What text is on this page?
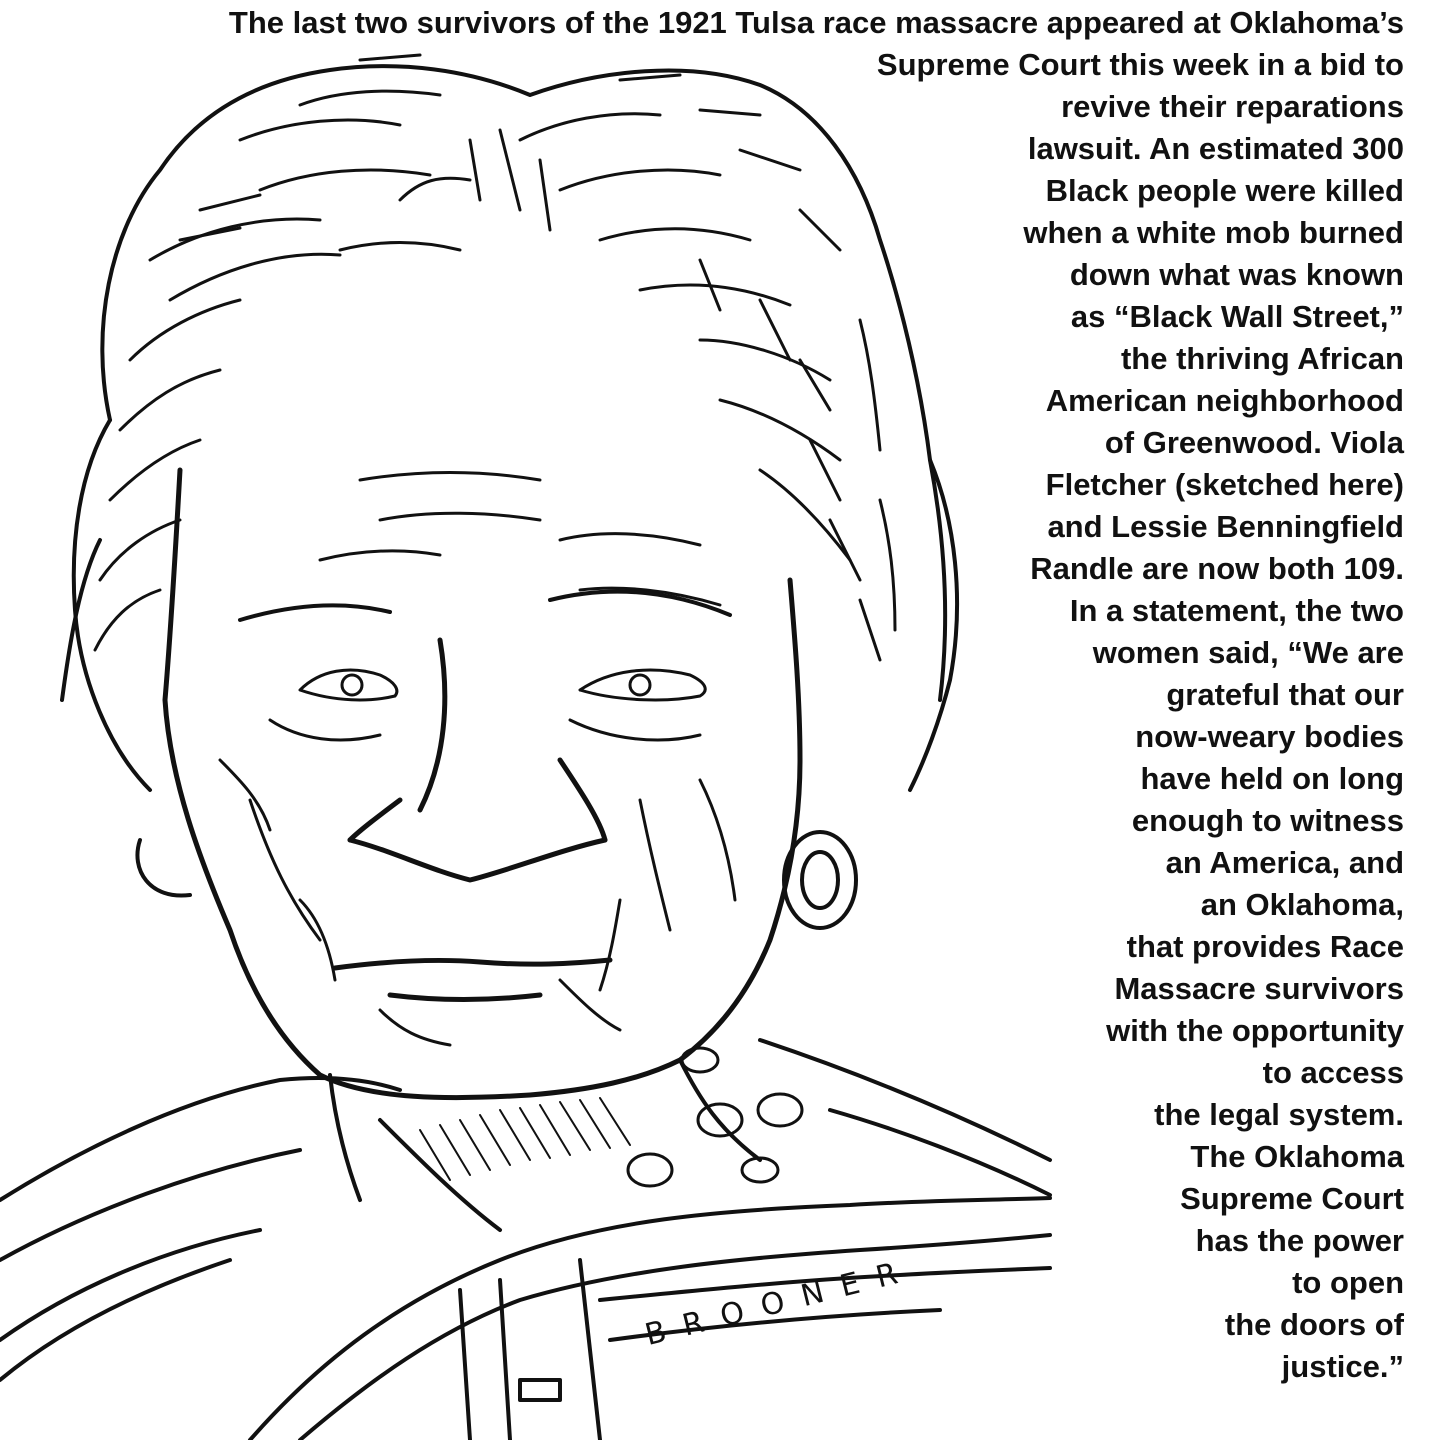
The last two survivors of the 1921 Tulsa race massacre appeared at Oklahoma’s
Supreme Court this week in a bid to
revive their reparations
lawsuit. An estimated 300
Black people were killed
when a white mob burned
down what was known
as “Black Wall Street,”
the thriving African
American neighborhood
of Greenwood. Viola
Fletcher (sketched here)
and Lessie Benningfield
Randle are now both 109.
In a statement, the two
women said, “We are
grateful that our
now-weary bodies
have held on long
enough to witness
an America, and
an Oklahoma,
that provides Race
Massacre survivors
with the opportunity
to access
the legal system.
The Oklahoma
Supreme Court
has the power
to open
the doors of
justice.”
BROONER
